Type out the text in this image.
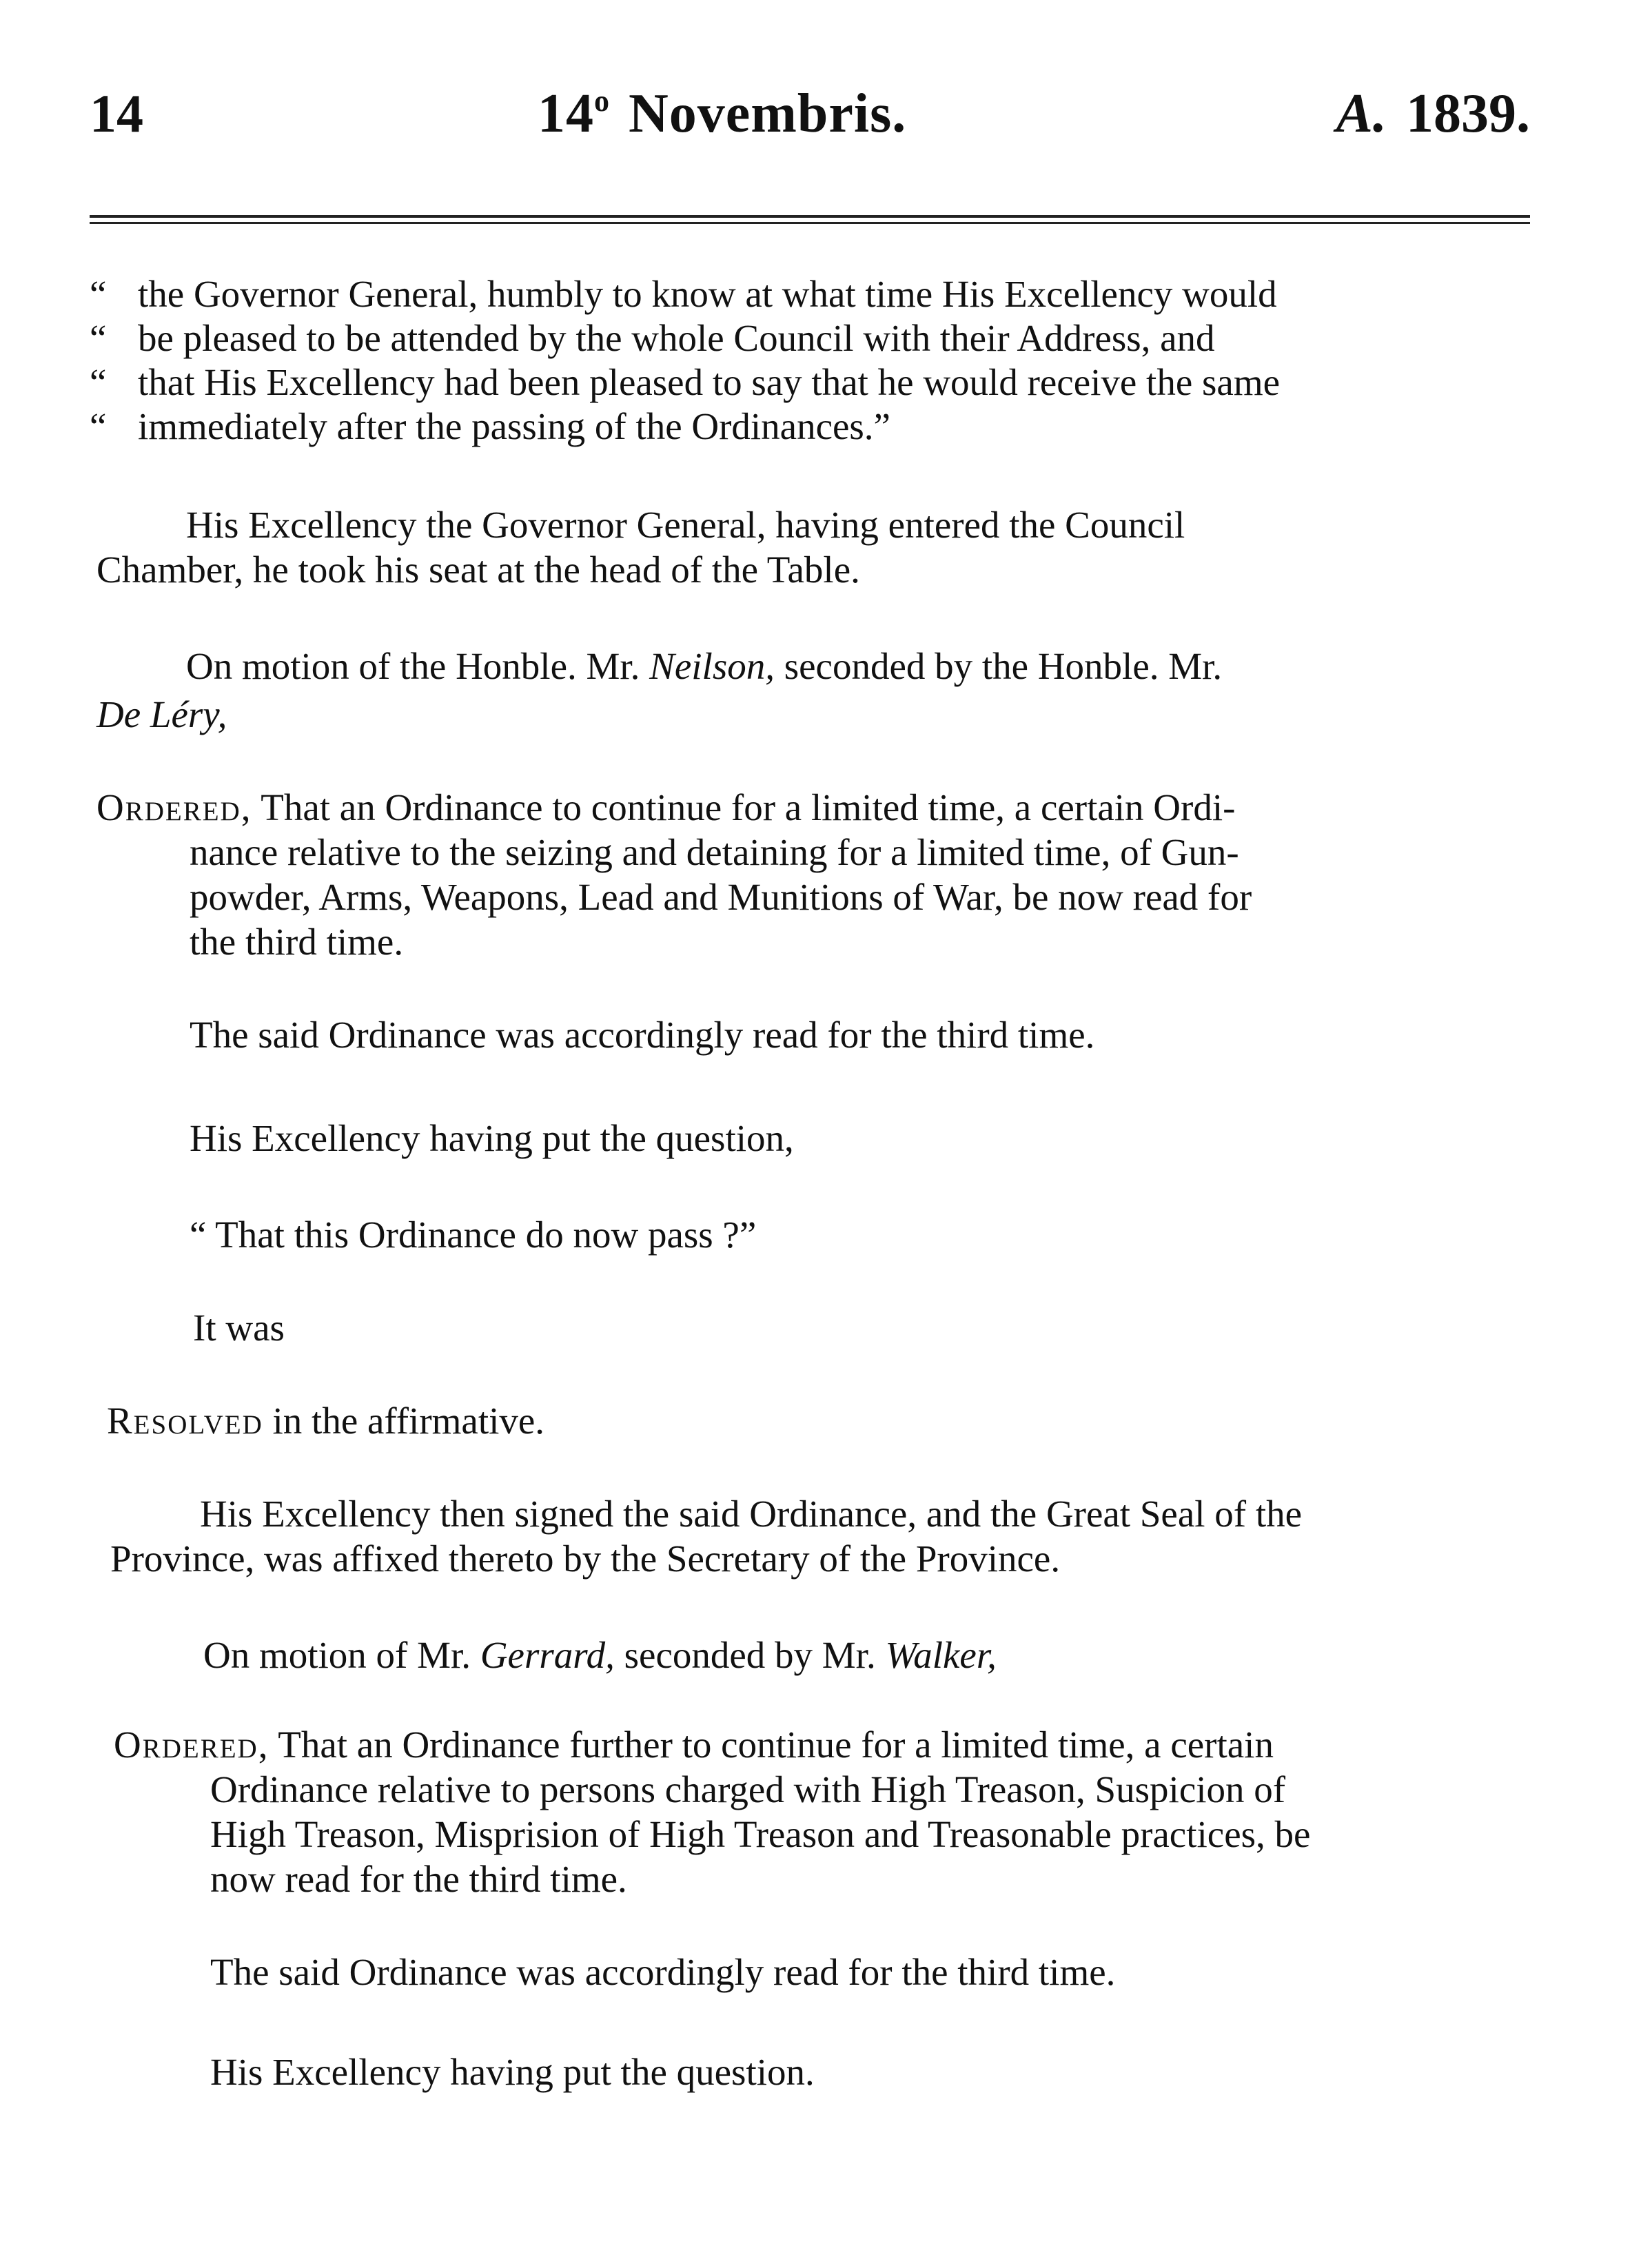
14	14$^o$ Novembris.	A. 1839.
“ the Governor General, humbly to know at what time His Excellency would
“ be pleased to be attended by the whole Council with their Address, and
“ that His Excellency had been pleased to say that he would receive the same
“ immediately after the passing of the Ordinances.”
His Excellency the Governor General, having entered the Council
Chamber, he took his seat at the head of the Table.
On motion of the Honble. Mr. Neilson, seconded by the Honble. Mr.
De Léry,
Ordered, That an Ordinance to continue for a limited time, a certain Ordi-
nance relative to the seizing and detaining for a limited time, of Gun-
powder, Arms, Weapons, Lead and Munitions of War, be now read for
the third time.
The said Ordinance was accordingly read for the third time.
His Excellency having put the question,
“ That this Ordinance do now pass ?”
It was
Resolved in the affirmative.
His Excellency then signed the said Ordinance, and the Great Seal of the
Province, was affixed thereto by the Secretary of the Province.
On motion of Mr. Gerrard, seconded by Mr. Walker,
Ordered, That an Ordinance further to continue for a limited time, a certain
Ordinance relative to persons charged with High Treason, Suspicion of
High Treason, Misprision of High Treason and Treasonable practices, be
now read for the third time.
The said Ordinance was accordingly read for the third time.
His Excellency having put the question.
